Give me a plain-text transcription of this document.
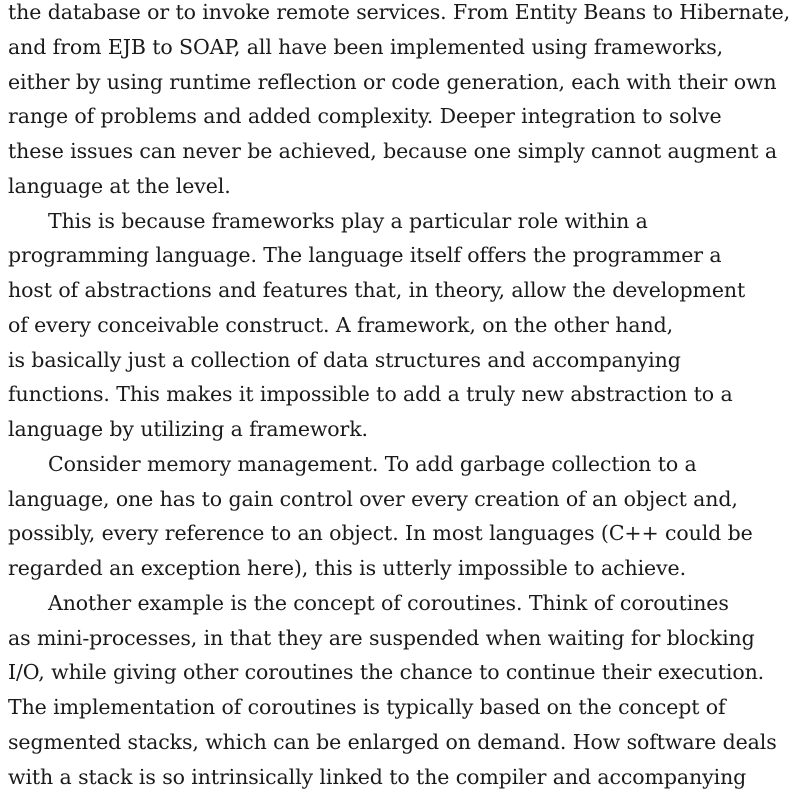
the database or to invoke remote services. From Entity Beans to Hibernate,
and from EJB to SOAP, all have been implemented using frameworks,
either by using runtime reflection or code generation, each with their own
range of problems and added complexity. Deeper integration to solve
these issues can never be achieved, because one simply cannot augment a
language at the level.
This is because frameworks play a particular role within a
programming language. The language itself offers the programmer a
host of abstractions and features that, in theory, allow the development
of every conceivable construct. A framework, on the other hand,
is basically just a collection of data structures and accompanying
functions. This makes it impossible to add a truly new abstraction to a
language by utilizing a framework.
Consider memory management. To add garbage collection to a
language, one has to gain control over every creation of an object and,
possibly, every reference to an object. In most languages (C++ could be
regarded an exception here), this is utterly impossible to achieve.
Another example is the concept of coroutines. Think of coroutines
as mini-processes, in that they are suspended when waiting for blocking
I/O, while giving other coroutines the chance to continue their execution.
The implementation of coroutines is typically based on the concept of
segmented stacks, which can be enlarged on demand. How software deals
with a stack is so intrinsically linked to the compiler and accompanying
